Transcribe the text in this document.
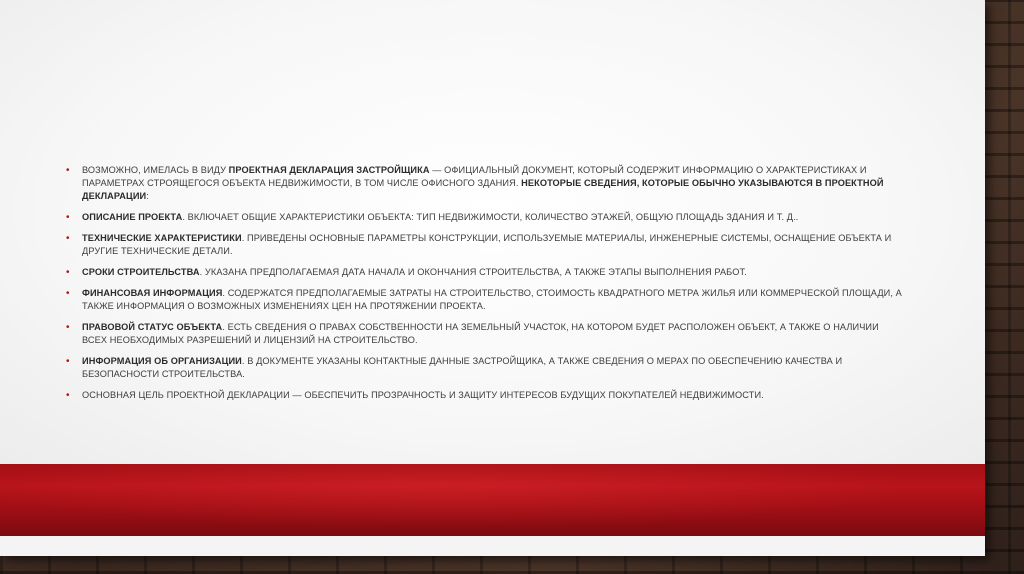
• ВОЗМОЖНО, ИМЕЛАСЬ В ВИДУ ПРОЕКТНАЯ ДЕКЛАРАЦИЯ ЗАСТРОЙЩИКА — ОФИЦИАЛЬНЫЙ ДОКУМЕНТ, КОТОРЫЙ СОДЕРЖИТ ИНФОРМАЦИЮ О ХАРАКТЕРИСТИКАХ И ПАРАМЕТРАХ СТРОЯЩЕГОСЯ ОБЪЕКТА НЕДВИЖИМОСТИ, В ТОМ ЧИСЛЕ ОФИСНОГО ЗДАНИЯ. НЕКОТОРЫЕ СВЕДЕНИЯ, КОТОРЫЕ ОБЫЧНО УКАЗЫВАЮТСЯ В ПРОЕКТНОЙ ДЕКЛАРАЦИИ:
• ОПИСАНИЕ ПРОЕКТА. ВКЛЮЧАЕТ ОБЩИЕ ХАРАКТЕРИСТИКИ ОБЪЕКТА: ТИП НЕДВИЖИМОСТИ, КОЛИЧЕСТВО ЭТАЖЕЙ, ОБЩУЮ ПЛОЩАДЬ ЗДАНИЯ И Т. Д..
• ТЕХНИЧЕСКИЕ ХАРАКТЕРИСТИКИ. ПРИВЕДЕНЫ ОСНОВНЫЕ ПАРАМЕТРЫ КОНСТРУКЦИИ, ИСПОЛЬЗУЕМЫЕ МАТЕРИАЛЫ, ИНЖЕНЕРНЫЕ СИСТЕМЫ, ОСНАЩЕНИЕ ОБЪЕКТА И ДРУГИЕ ТЕХНИЧЕСКИЕ ДЕТАЛИ.
• СРОКИ СТРОИТЕЛЬСТВА. УКАЗАНА ПРЕДПОЛАГАЕМАЯ ДАТА НАЧАЛА И ОКОНЧАНИЯ СТРОИТЕЛЬСТВА, А ТАКЖЕ ЭТАПЫ ВЫПОЛНЕНИЯ РАБОТ.
• ФИНАНСОВАЯ ИНФОРМАЦИЯ. СОДЕРЖАТСЯ ПРЕДПОЛАГАЕМЫЕ ЗАТРАТЫ НА СТРОИТЕЛЬСТВО, СТОИМОСТЬ КВАДРАТНОГО МЕТРА ЖИЛЬЯ ИЛИ КОММЕРЧЕСКОЙ ПЛОЩАДИ, А ТАКЖЕ ИНФОРМАЦИЯ О ВОЗМОЖНЫХ ИЗМЕНЕНИЯХ ЦЕН НА ПРОТЯЖЕНИИ ПРОЕКТА.
• ПРАВОВОЙ СТАТУС ОБЪЕКТА. ЕСТЬ СВЕДЕНИЯ О ПРАВАХ СОБСТВЕННОСТИ НА ЗЕМЕЛЬНЫЙ УЧАСТОК, НА КОТОРОМ БУДЕТ РАСПОЛОЖЕН ОБЪЕКТ, А ТАКЖЕ О НАЛИЧИИ ВСЕХ НЕОБХОДИМЫХ РАЗРЕШЕНИЙ И ЛИЦЕНЗИЙ НА СТРОИТЕЛЬСТВО.
• ИНФОРМАЦИЯ ОБ ОРГАНИЗАЦИИ. В ДОКУМЕНТЕ УКАЗАНЫ КОНТАКТНЫЕ ДАННЫЕ ЗАСТРОЙЩИКА, А ТАКЖЕ СВЕДЕНИЯ О МЕРАХ ПО ОБЕСПЕЧЕНИЮ КАЧЕСТВА И БЕЗОПАСНОСТИ СТРОИТЕЛЬСТВА.
• ОСНОВНАЯ ЦЕЛЬ ПРОЕКТНОЙ ДЕКЛАРАЦИИ — ОБЕСПЕЧИТЬ ПРОЗРАЧНОСТЬ И ЗАЩИТУ ИНТЕРЕСОВ БУДУЩИХ ПОКУПАТЕЛЕЙ НЕДВИЖИМОСТИ.
